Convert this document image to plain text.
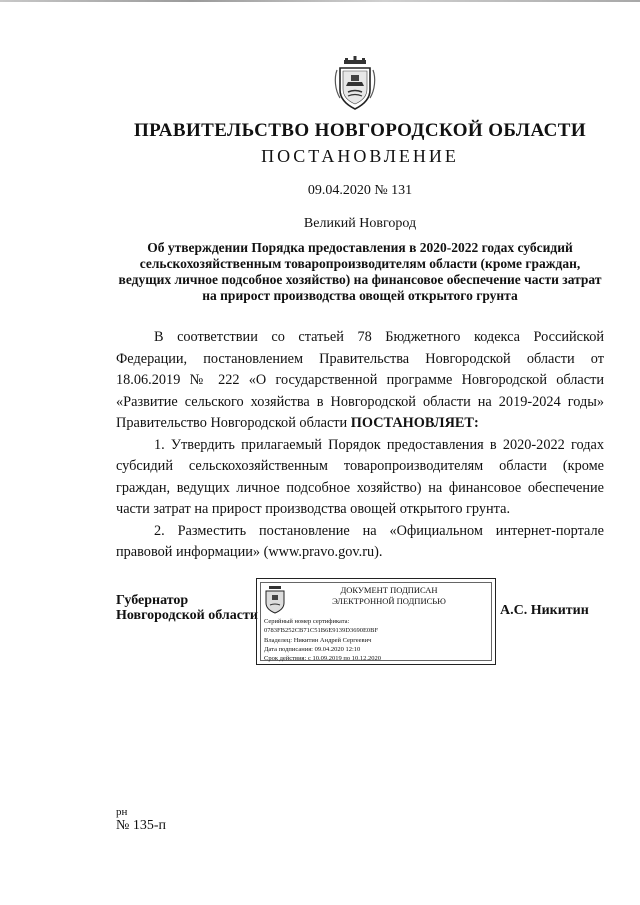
ПРАВИТЕЛЬСТВО НОВГОРОДСКОЙ ОБЛАСТИ
ПОСТАНОВЛЕНИЕ
09.04.2020 № 131
Великий Новгород
Об утверждении Порядка предоставления в 2020-2022 годах субсидий сельскохозяйственным товаропроизводителям области (кроме граждан, ведущих личное подсобное хозяйство) на финансовое обеспечение части затрат на прирост производства овощей открытого грунта

В соответствии со статьей 78 Бюджетного кодекса Российской Федерации, постановлением Правительства Новгородской области от 18.06.2019 № 222 «О государственной программе Новгородской области «Развитие сельского хозяйства в Новгородской области на 2019-2024 годы» Правительство Новгородской области ПОСТАНОВЛЯЕТ:

1. Утвердить прилагаемый Порядок предоставления в 2020-2022 годах субсидий сельскохозяйственным товаропроизводителям области (кроме граждан, ведущих личное подсобное хозяйство) на финансовое обеспечение части затрат на прирост производства овощей открытого грунта.

2. Разместить постановление на «Официальном интернет-портале правовой информации» (www.pravo.gov.ru).

Губернатор
Новгородской области
ДОКУМЕНТ ПОДПИСАН
ЭЛЕКТРОННОЙ ПОДПИСЬЮ
Серийный номер сертификата:
0783FB252CB71C51B6E9139D3690E0BF
Владелец: Никитин Андрей Сергеевич
Дата подписания: 09.04.2020 12:10
Срок действия: с 10.09.2019 по 10.12.2020
А.С. Никитин
рн
№ 135-п
